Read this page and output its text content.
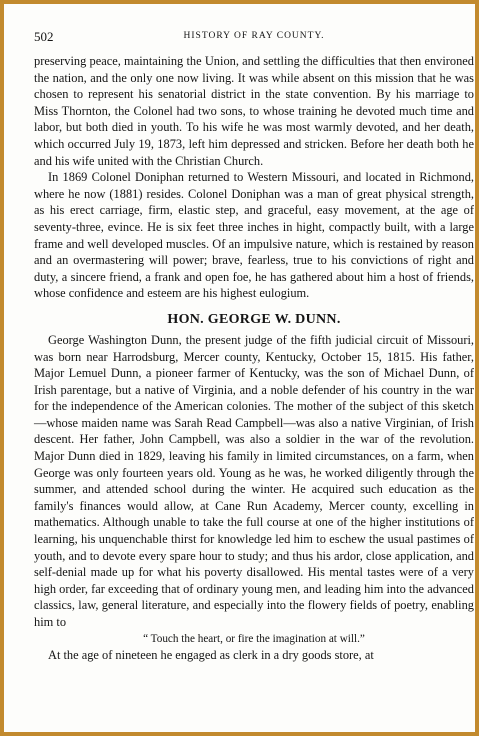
502	HISTORY OF RAY COUNTY.

preserving peace, maintaining the Union, and settling the difficulties that then environed the nation, and the only one now living. It was while absent on this mission that he was chosen to represent his senatorial district in the state convention. By his marriage to Miss Thornton, the Colonel had two sons, to whose training he devoted much time and labor, but both died in youth. To his wife he was most warmly devoted, and her death, which occurred July 19, 1873, left him depressed and stricken. Before her death both he and his wife united with the Christian Church.

In 1869 Colonel Doniphan returned to Western Missouri, and located in Richmond, where he now (1881) resides. Colonel Doniphan was a man of great physical strength, as his erect carriage, firm, elastic step, and graceful, easy movement, at the age of seventy-three, evince. He is six feet three inches in hight, compactly built, with a large frame and well developed muscles. Of an impulsive nature, which is restained by reason and an overmastering will power; brave, fearless, true to his convictions of right and duty, a sincere friend, a frank and open foe, he has gathered about him a host of friends, whose confidence and esteem are his highest eulogium.

HON. GEORGE W. DUNN.

George Washington Dunn, the present judge of the fifth judicial circuit of Missouri, was born near Harrodsburg, Mercer county, Kentucky, October 15, 1815. His father, Major Lemuel Dunn, a pioneer farmer of Kentucky, was the son of Michael Dunn, of Irish parentage, but a native of Virginia, and a noble defender of his country in the war for the independence of the American colonies. The mother of the subject of this sketch—whose maiden name was Sarah Read Campbell—was also a native Virginian, of Irish descent. Her father, John Campbell, was also a soldier in the war of the revolution. Major Dunn died in 1829, leaving his family in limited circumstances, on a farm, when George was only fourteen years old. Young as he was, he worked diligently through the summer, and attended school during the winter. He acquired such education as the family's finances would allow, at Cane Run Academy, Mercer county, excelling in mathematics. Although unable to take the full course at one of the higher institutions of learning, his unquenchable thirst for knowledge led him to eschew the usual pastimes of youth, and to devote every spare hour to study; and thus his ardor, close application, and self-denial made up for what his poverty disallowed. His mental tastes were of a very high order, far exceeding that of ordinary young men, and leading him into the advanced classics, law, general literature, and especially into the flowery fields of poetry, enabling him to

“ Touch the heart, or fire the imagination at will.”

At the age of nineteen he engaged as clerk in a dry goods store, at
